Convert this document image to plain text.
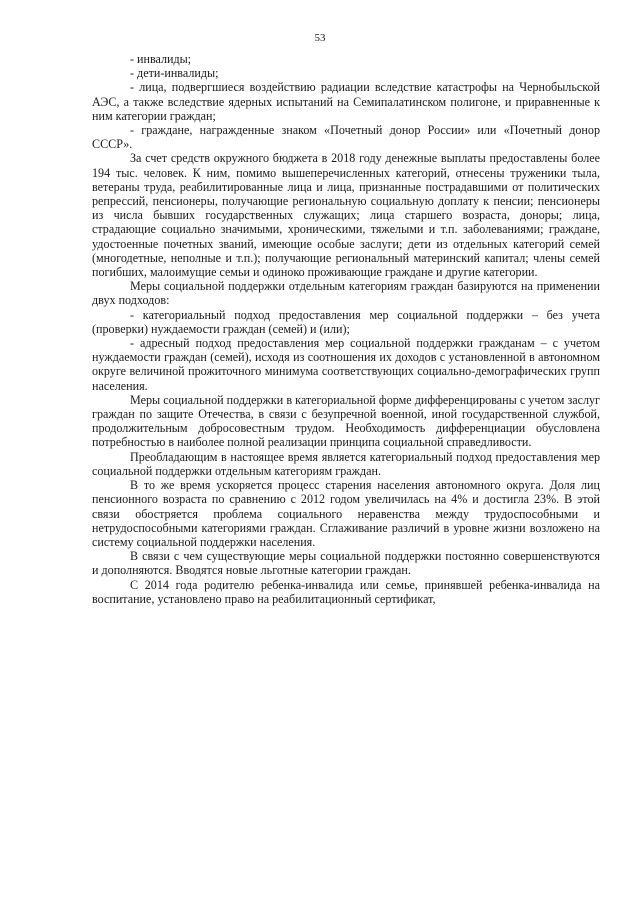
53

- инвалиды;

- дети-инвалиды;

- лица, подвергшиеся воздействию радиации вследствие катастрофы на Чернобыльской АЭС, а также вследствие ядерных испытаний на Семипалатинском полигоне, и приравненные к ним категории граждан;

- граждане, награжденные знаком «Почетный донор России» или «Почетный донор СССР».

За счет средств окружного бюджета в 2018 году денежные выплаты предоставлены более 194 тыс. человек. К ним, помимо вышеперечисленных категорий, отнесены труженики тыла, ветераны труда, реабилитированные лица и лица, признанные пострадавшими от политических репрессий, пенсионеры, получающие региональную социальную доплату к пенсии; пенсионеры из числа бывших государственных служащих; лица старшего возраста, доноры; лица, страдающие социально значимыми, хроническими, тяжелыми и т.п. заболеваниями; граждане, удостоенные почетных званий, имеющие особые заслуги; дети из отдельных категорий семей (многодетные, неполные и т.п.); получающие региональный материнский капитал; члены семей погибших, малоимущие семьи и одиноко проживающие граждане и другие категории.

Меры социальной поддержки отдельным категориям граждан базируются на применении двух подходов:

- категориальный подход предоставления мер социальной поддержки – без учета (проверки) нуждаемости граждан (семей) и (или);

- адресный подход предоставления мер социальной поддержки гражданам – с учетом нуждаемости граждан (семей), исходя из соотношения их доходов с установленной в автономном округе величиной прожиточного минимума соответствующих социально-демографических групп населения.

Меры социальной поддержки в категориальной форме дифференцированы с учетом заслуг граждан по защите Отечества, в связи с безупречной военной, иной государственной службой, продолжительным добросовестным трудом. Необходимость дифференциации обусловлена потребностью в наиболее полной реализации принципа социальной справедливости.

Преобладающим в настоящее время является категориальный подход предоставления мер социальной поддержки отдельным категориям граждан.

В то же время ускоряется процесс старения населения автономного округа. Доля лиц пенсионного возраста по сравнению с 2012 годом увеличилась на 4% и достигла 23%. В этой связи обостряется проблема социального неравенства между трудоспособными и нетрудоспособными категориями граждан. Сглаживание различий в уровне жизни возложено на систему социальной поддержки населения.

В связи с чем существующие меры социальной поддержки постоянно совершенствуются и дополняются. Вводятся новые льготные категории граждан.

С 2014 года родителю ребенка-инвалида или семье, принявшей ребенка-инвалида на воспитание, установлено право на реабилитационный сертификат,
